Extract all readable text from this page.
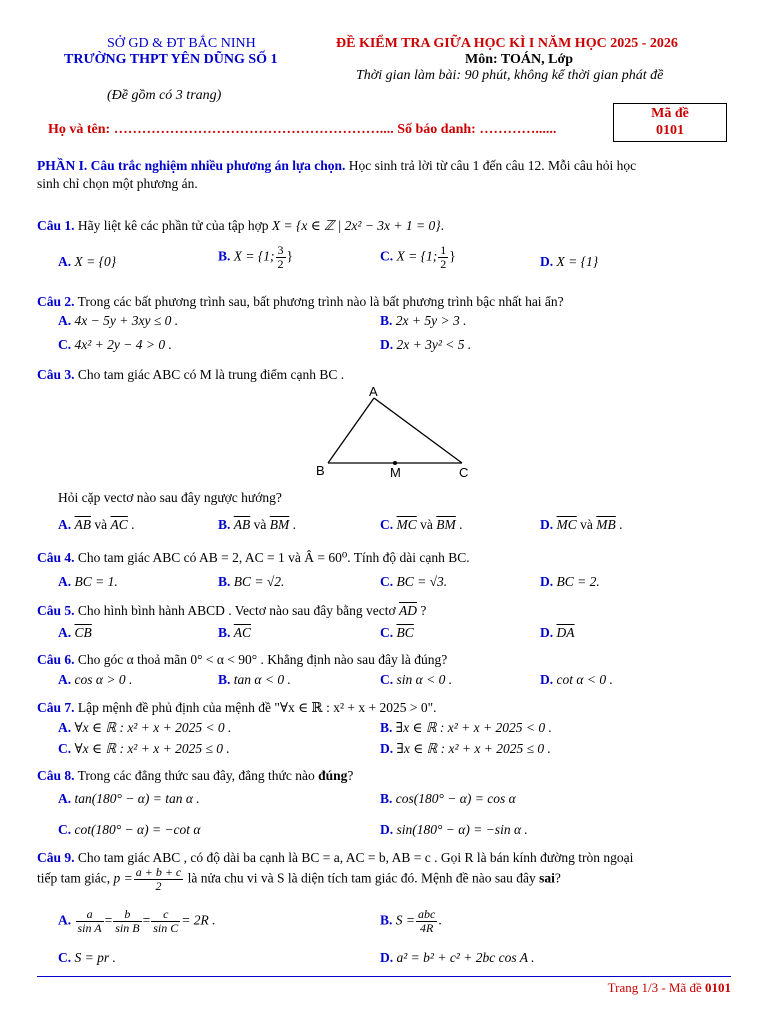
SỞ GD & ĐT BẮC NINH
TRƯỜNG THPT YÊN DŨNG SỐ 1
(Đề gồm có 3 trang)
ĐỀ KIỂM TRA GIỮA HỌC KÌ I NĂM HỌC 2025 - 2026
Môn: TOÁN, Lớp
Thời gian làm bài: 90 phút, không kể thời gian phát đề
Họ và tên: ………………………………………………….... Số báo danh: …………......
Mã đề
0101
PHẦN I. Câu trắc nghiệm nhiều phương án lựa chọn. Học sinh trả lời từ câu 1 đến câu 12. Mỗi câu hỏi học
sinh chỉ chọn một phương án.
Câu 1. Hãy liệt kê các phần tử của tập hợp X = {x ∈ ℤ | 2x² − 3x + 1 = 0}.
A. X = {0}	B. X = {1; $\frac{3}{2}$ }	C. X = {1; $\frac{1}{2}$ }	D. X = {1}
Câu 2. Trong các bất phương trình sau, bất phương trình nào là bất phương trình bậc nhất hai ẩn?
A. 4x − 5y + 3xy ≤ 0 .	B. 2x + 5y > 3 .
C. 4x² + 2y − 4 > 0 .	D. 2x + 3y² < 5 .
Câu 3. Cho tam giác ABC có M là trung điểm cạnh BC .
A
B	M	C
Hỏi cặp vectơ nào sau đây ngược hướng?
A. $\overline{AB}$ và $\overline{AC}$ .	B. $\overline{AB}$ và $\overline{BM}$ .	C. $\overline{MC}$ và $\overline{BM}$ .	D. $\overline{MC}$ và $\overline{MB}$ .
Câu 4. Cho tam giác ABC có AB = 2, AC = 1 và Â = 60⁰. Tính độ dài cạnh BC.
A. BC = 1.	B. BC = √2.	C. BC = √3.	D. BC = 2.
Câu 5. Cho hình bình hành ABCD . Vectơ nào sau đây bằng vectơ $\overline{AD}$ ?
A. $\overline{CB}$	B. $\overline{AC}$	C. $\overline{BC}$	D. $\overline{DA}$
Câu 6. Cho góc α thoả mãn 0° < α < 90° . Khẳng định nào sau đây là đúng?
A. cos α > 0 .	B. tan α < 0 .	C. sin α < 0 .	D. cot α < 0 .
Câu 7. Lập mệnh đề phủ định của mệnh đề "∀x ∈ ℝ : x² + x + 2025 > 0".
A. ∀x ∈ ℝ : x² + x + 2025 < 0 .	B. ∃x ∈ ℝ : x² + x + 2025 < 0 .
C. ∀x ∈ ℝ : x² + x + 2025 ≤ 0 .	D. ∃x ∈ ℝ : x² + x + 2025 ≤ 0 .
Câu 8. Trong các đẳng thức sau đây, đẳng thức nào đúng?
A. tan(180° − α) = tan α .	B. cos(180° − α) = cos α
C. cot(180° − α) = −cot α	D. sin(180° − α) = −sin α .
Câu 9. Cho tam giác ABC , có độ dài ba cạnh là BC = a, AC = b, AB = c . Gọi R là bán kính đường tròn ngoại
tiếp tam giác, $p = \frac{a + b + c}{2}$ là nửa chu vi và S là diện tích tam giác đó. Mệnh đề nào sau đây sai?
A. $\frac{a}{\text{sin A}} = \frac{b}{\text{sin B}} = \frac{c}{\text{sin C}} = 2R$ .	B. $S = \frac{\text{abc}}{4R}$ .
C. S = pr .	D. a² = b² + c² + 2bc cos A .
Trang 1/3 - Mã đề 0101
